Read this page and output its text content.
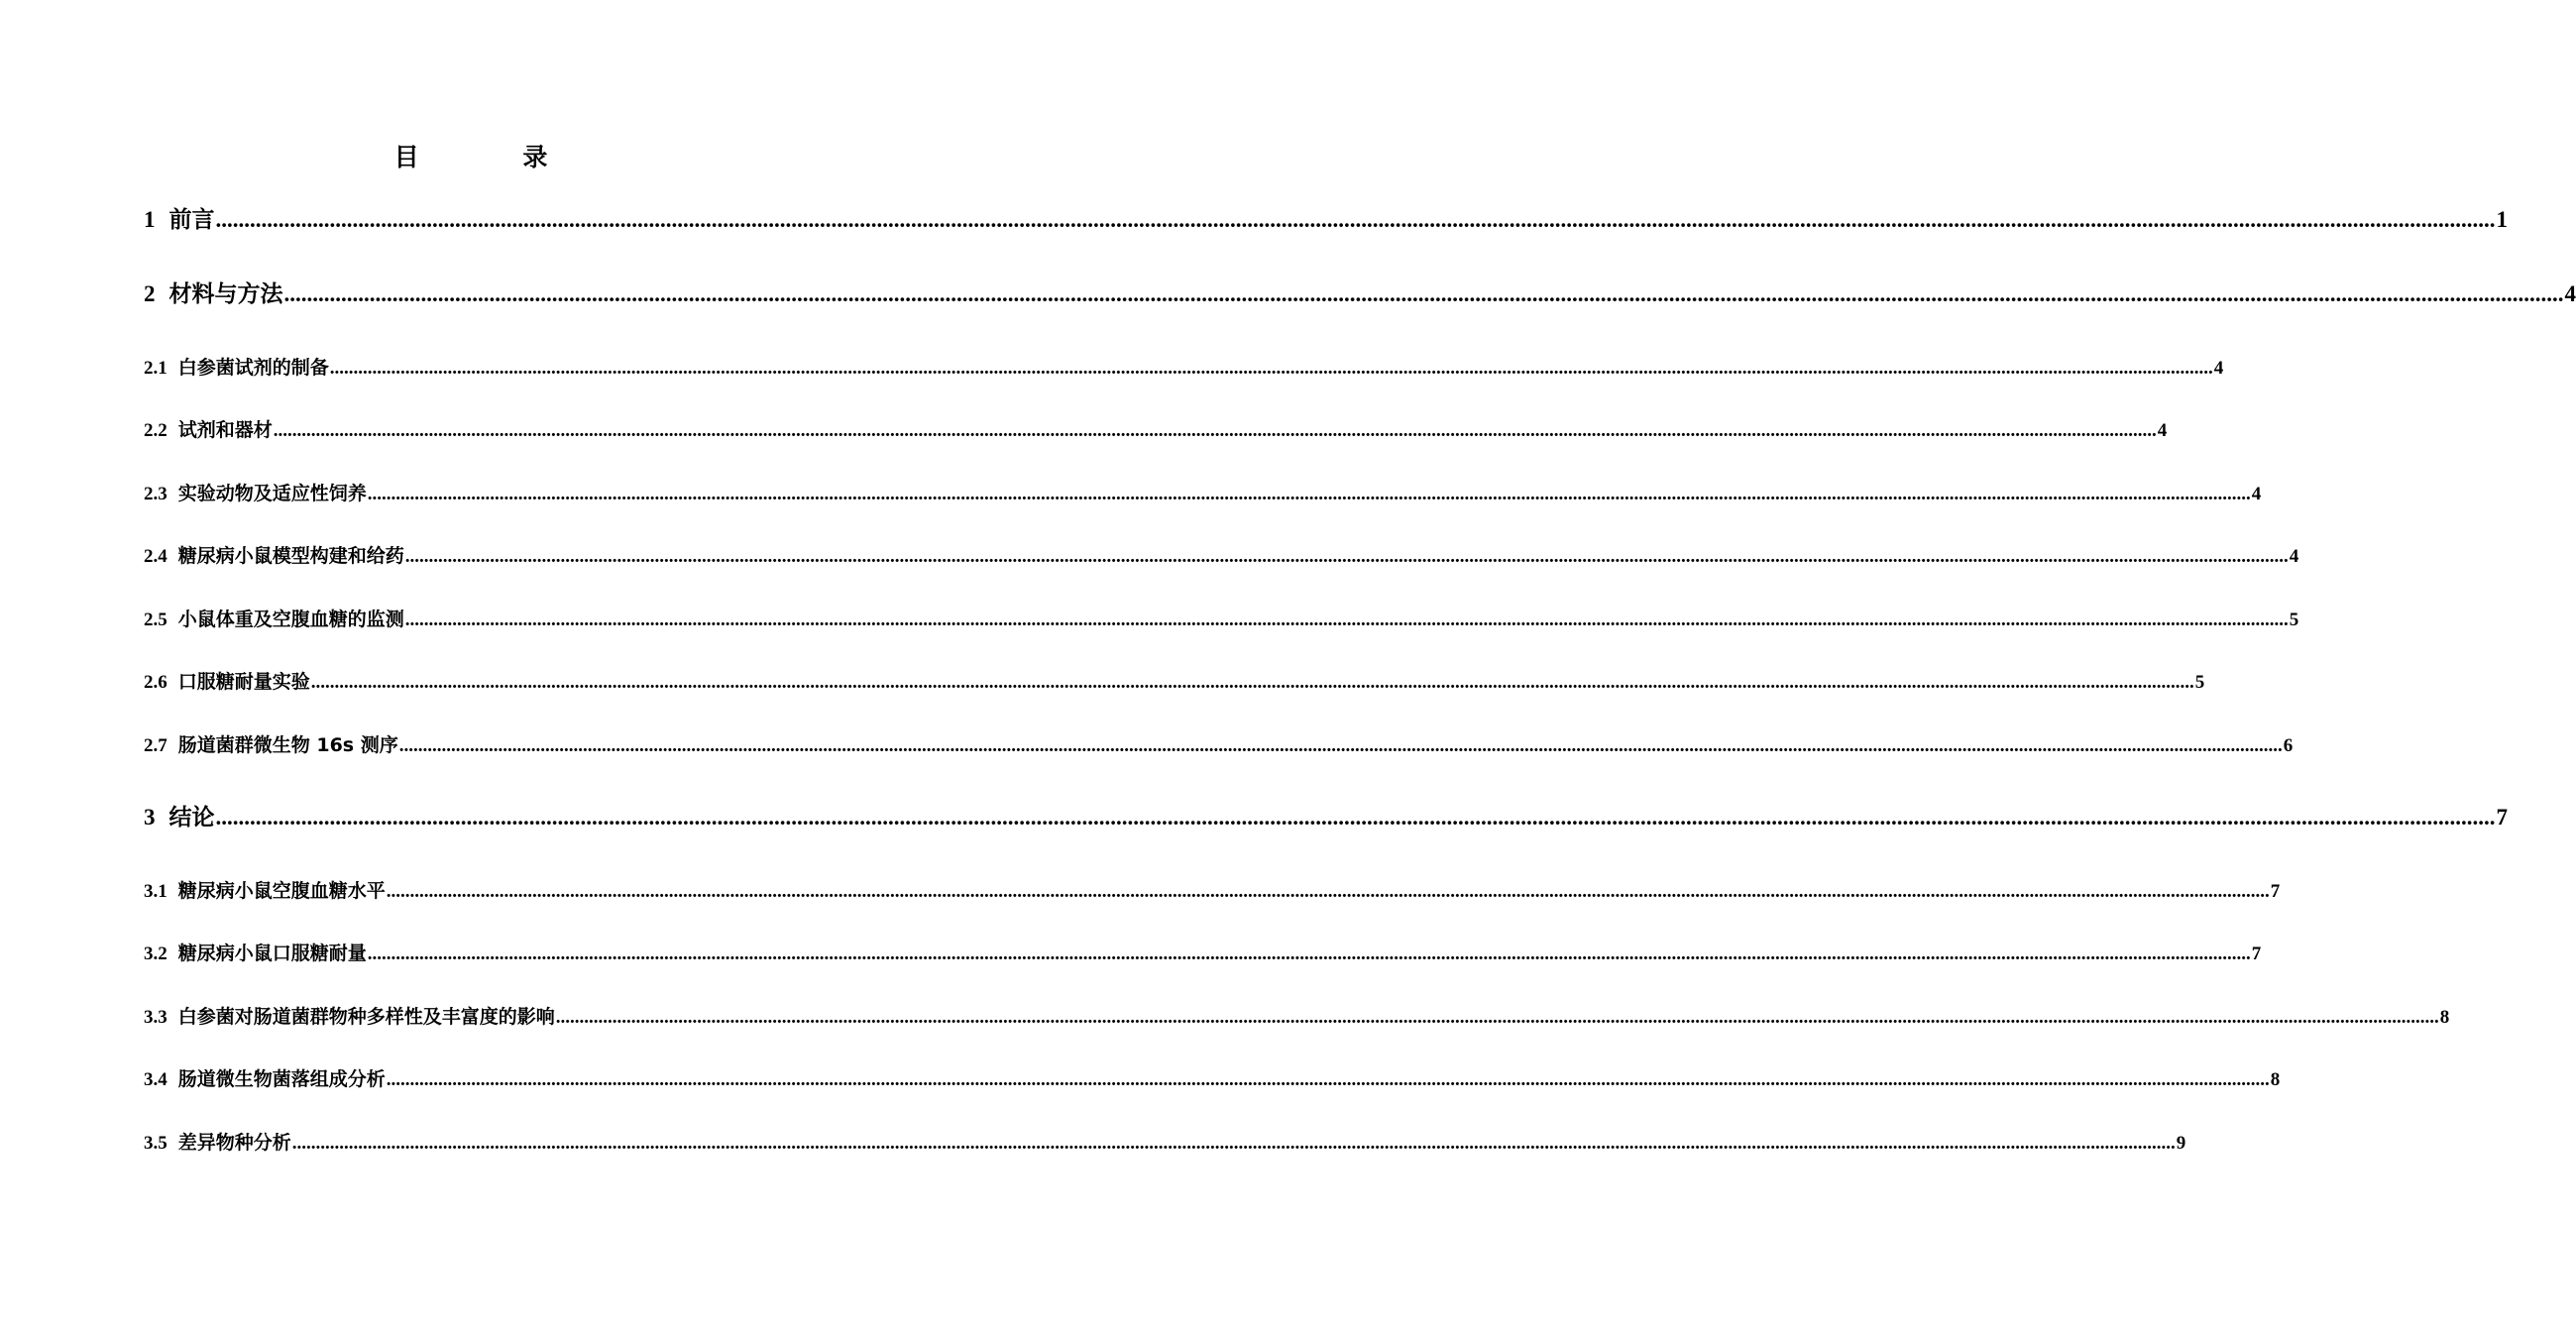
目 录
1 前言 ................................................................................................................................................................................................................................................................................................................................................................................................................ 1
2 材料与方法 ................................................................................................................................................................................................................................................................................................................................................................................................................ 4
2.1 白参菌试剂的制备 ................................................................................................................................................................................................................................................................................................................................................................................................................ 4
2.2 试剂和器材 ................................................................................................................................................................................................................................................................................................................................................................................................................ 4
2.3 实验动物及适应性饲养 ................................................................................................................................................................................................................................................................................................................................................................................................................ 4
2.4 糖尿病小鼠模型构建和给药 ................................................................................................................................................................................................................................................................................................................................................................................................................ 4
2.5 小鼠体重及空腹血糖的监测 ................................................................................................................................................................................................................................................................................................................................................................................................................ 5
2.6 口服糖耐量实验 ................................................................................................................................................................................................................................................................................................................................................................................................................ 5
2.7 肠道菌群微生物 16s 测序 ................................................................................................................................................................................................................................................................................................................................................................................................................ 6
3 结论 ................................................................................................................................................................................................................................................................................................................................................................................................................ 7
3.1 糖尿病小鼠空腹血糖水平 ................................................................................................................................................................................................................................................................................................................................................................................................................ 7
3.2 糖尿病小鼠口服糖耐量 ................................................................................................................................................................................................................................................................................................................................................................................................................ 7
3.3 白参菌对肠道菌群物种多样性及丰富度的影响 ................................................................................................................................................................................................................................................................................................................................................................................................................ 8
3.4 肠道微生物菌落组成分析 ................................................................................................................................................................................................................................................................................................................................................................................................................ 8
3.5 差异物种分析 ................................................................................................................................................................................................................................................................................................................................................................................................................ 9
